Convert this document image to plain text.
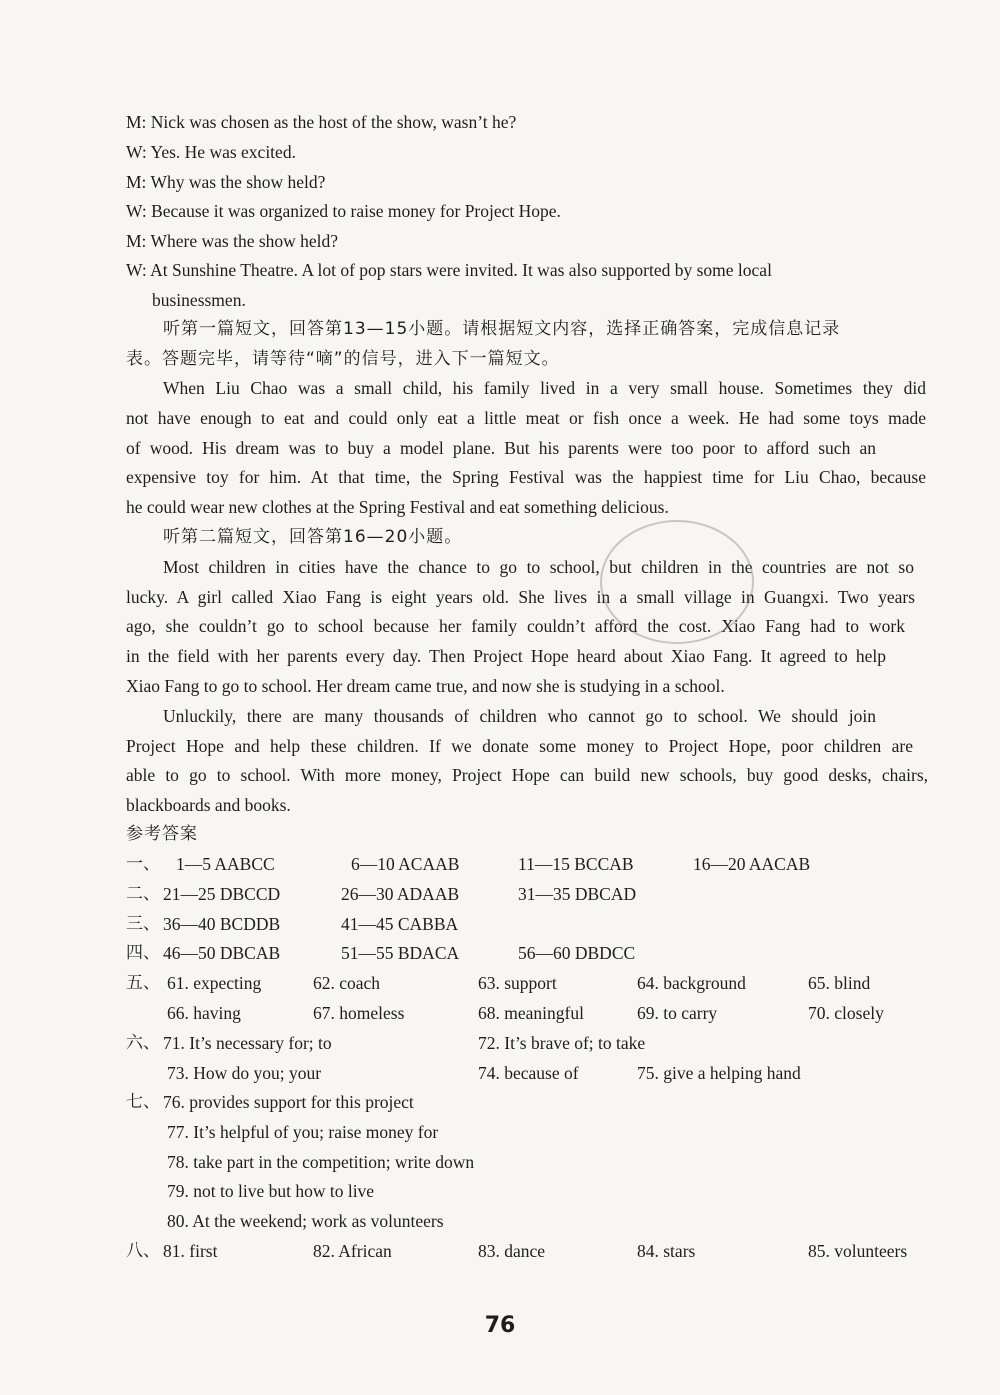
M: Nick was chosen as the host of the show, wasn’t he?
W: Yes. He was excited.
M: Why was the show held?
W: Because it was organized to raise money for Project Hope.
M: Where was the show held?
W: At Sunshine Theatre. A lot of pop stars were invited. It was also supported by some local
businessmen.
听第一篇短文，回答第13—15小题。请根据短文内容，选择正确答案，完成信息记录
表。答题完毕，请等待“嘀”的信号，进入下一篇短文。
When Liu Chao was a small child, his family lived in a very small house. Sometimes they did
not have enough to eat and could only eat a little meat or fish once a week. He had some toys made
of wood. His dream was to buy a model plane. But his parents were too poor to afford such an
expensive toy for him. At that time, the Spring Festival was the happiest time for Liu Chao, because
he could wear new clothes at the Spring Festival and eat something delicious.
听第二篇短文，回答第16—20小题。
Most children in cities have the chance to go to school, but children in the countries are not so
lucky. A girl called Xiao Fang is eight years old. She lives in a small village in Guangxi. Two years
ago, she couldn’t go to school because her family couldn’t afford the cost. Xiao Fang had to work
in the field with her parents every day. Then Project Hope heard about Xiao Fang. It agreed to help
Xiao Fang to go to school. Her dream came true, and now she is studying in a school.
Unluckily, there are many thousands of children who cannot go to school. We should join
Project Hope and help these children. If we donate some money to Project Hope, poor children are
able to go to school. With more money, Project Hope can build new schools, buy good desks, chairs,
blackboards and books.
参考答案
一、 1—5 AABCC	6—10 ACAAB	11—15 BCCAB	16—20 AACAB
二、 21—25 DBCCD	26—30 ADAAB	31—35 DBCAD
三、 36—40 BCDDB	41—45 CABBA
四、 46—50 DBCAB	51—55 BDACA	56—60 DBDCC
五、 61. expecting	62. coach	63. support	64. background	65. blind
66. having	67. homeless	68. meaningful	69. to carry	70. closely
六、 71. It’s necessary for; to	72. It’s brave of; to take
73. How do you; your	74. because of	75. give a helping hand
七、 76. provides support for this project
77. It’s helpful of you; raise money for
78. take part in the competition; write down
79. not to live but how to live
80. At the weekend; work as volunteers
八、 81. first	82. African	83. dance	84. stars	85. volunteers
76
